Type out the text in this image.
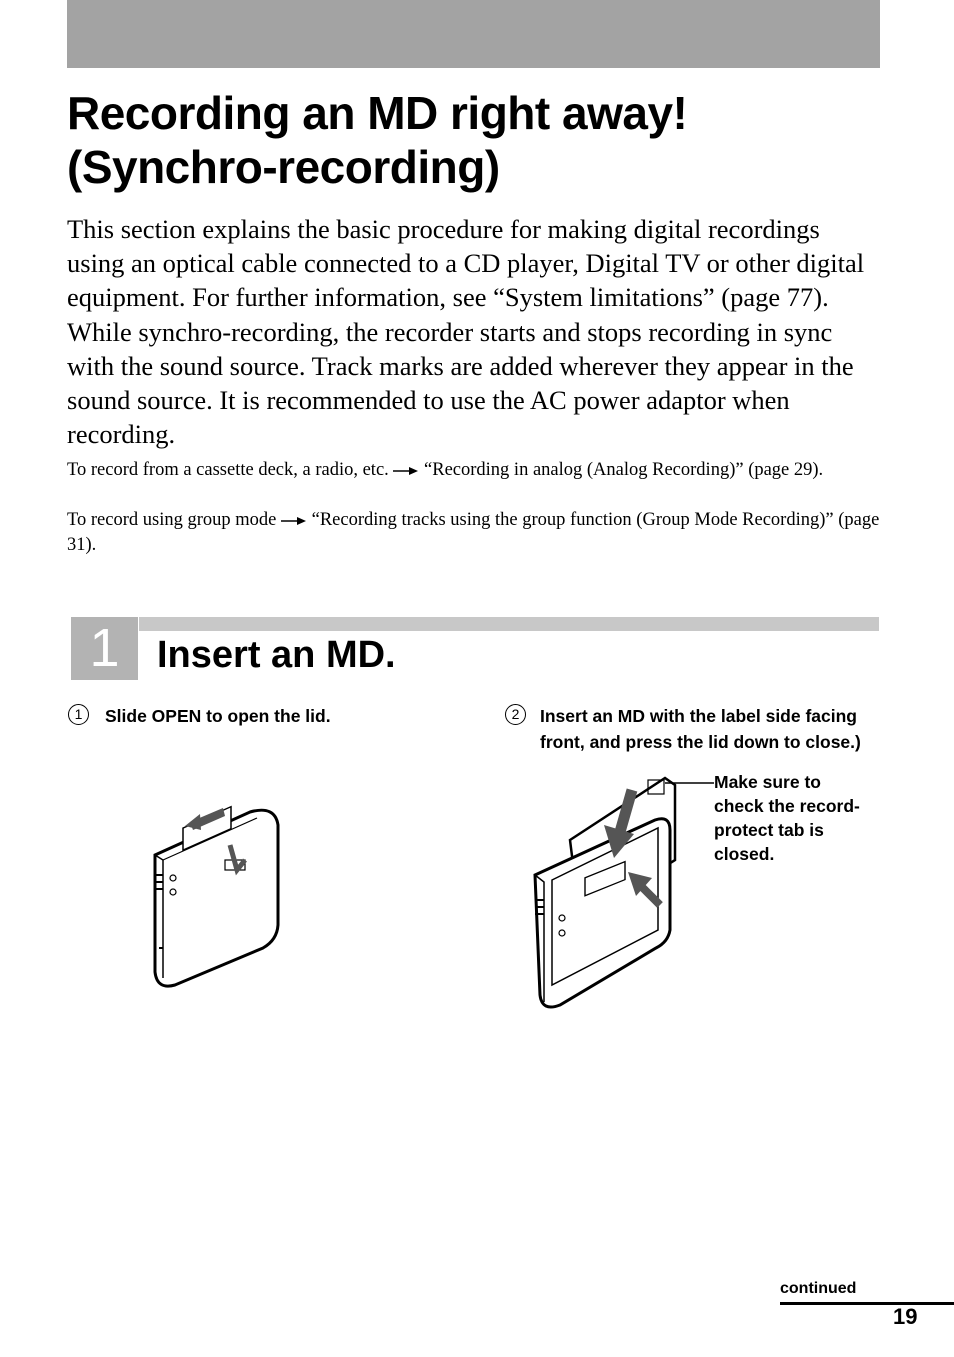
Recording an MD right away!
(Synchro-recording)

This section explains the basic procedure for making digital recordings using an optical cable connected to a CD player, Digital TV or other digital equipment. For further information, see “System limitations” (page 77). While synchro-recording, the recorder starts and stops recording in sync with the sound source. Track marks are added wherever they appear in the sound source. It is recommended to use the AC power adaptor when recording.

To record from a cassette deck, a radio, etc. “Recording in analog (Analog Recording)” (page 29).

To record using group mode “Recording tracks using the group function (Group Mode Recording)” (page 31).

1 Insert an MD.
1	Slide OPEN to open the lid.	2	Insert an MD with the label side facing front, and press the lid down to close.)

Make sure to check the record-protect tab is closed.

continued

19
